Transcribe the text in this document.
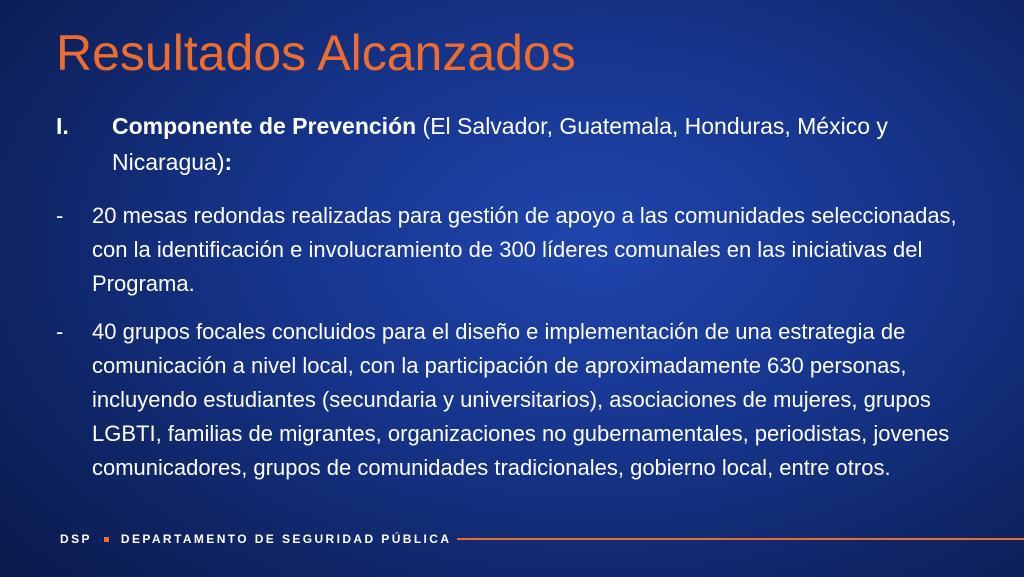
Resultados Alcanzados
I. Componente de Prevención (El Salvador, Guatemala, Honduras, México y Nicaragua):
- 20 mesas redondas realizadas para gestión de apoyo a las comunidades seleccionadas, con la identificación e involucramiento de 300 líderes comunales en las iniciativas del Programa.
- 40 grupos focales concluidos para el diseño e implementación de una estrategia de comunicación a nivel local, con la participación de aproximadamente 630 personas, incluyendo estudiantes (secundaria y universitarios), asociaciones de mujeres, grupos LGBTI, familias de migrantes, organizaciones no gubernamentales, periodistas, jovenes comunicadores, grupos de comunidades tradicionales, gobierno local, entre otros.
DSP DEPARTAMENTO DE SEGURIDAD PÚBLICA
